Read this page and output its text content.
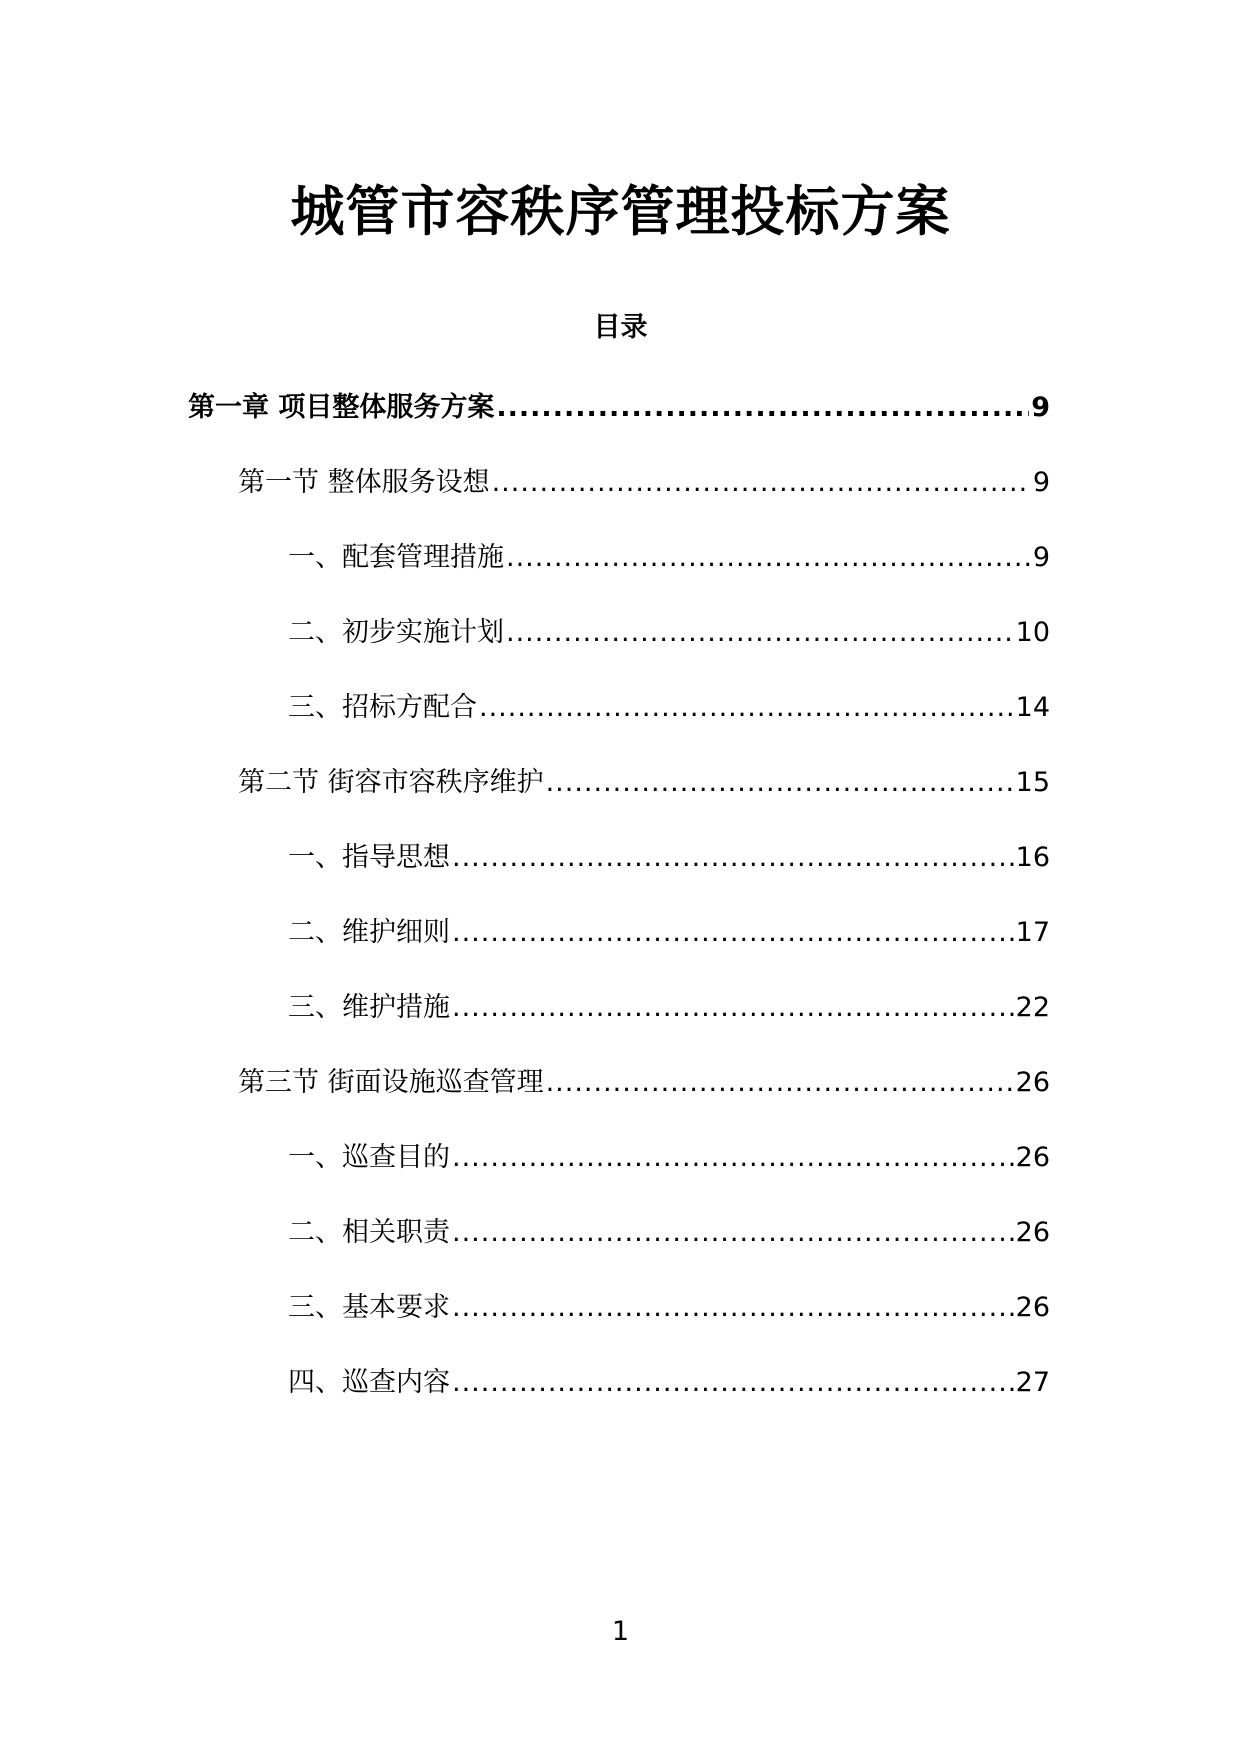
城管市容秩序管理投标方案
目录
第一章 项目整体服务方案 .....	9
第一节 整体服务设想 .....	9
一、配套管理措施 .....	9
二、初步实施计划 .....	10
三、招标方配合 .....	14
第二节 街容市容秩序维护 .....	15
一、指导思想 .....	16
二、维护细则 .....	17
三、维护措施 .....	22
第三节 街面设施巡查管理 .....	26
一、巡查目的 .....	26
二、相关职责 .....	26
三、基本要求 .....	26
四、巡查内容 .....	27
1
